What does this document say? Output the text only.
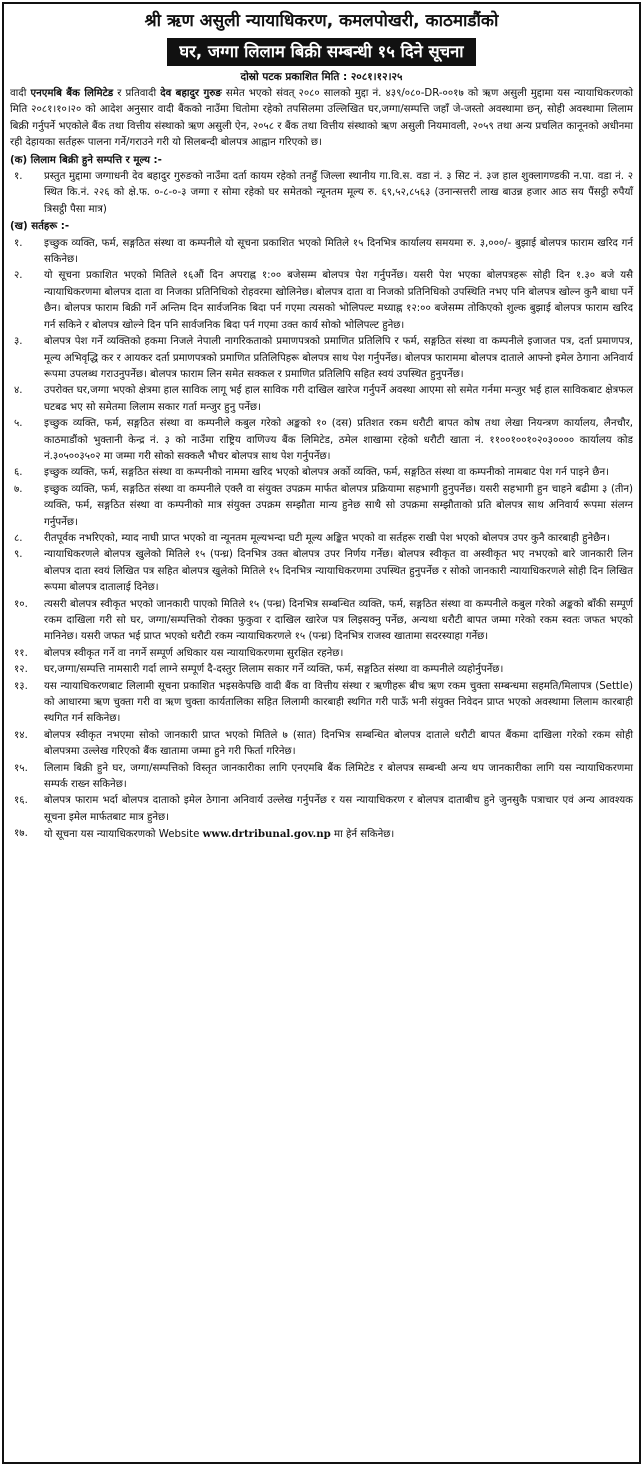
श्री ऋण असुली न्यायाधिकरण, कमलपोखरी, काठमाडौंको
घर, जग्गा लिलाम बिक्री सम्बन्धी १५ दिने सूचना
दोस्रो पटक प्रकाशित मिति : २०८१।१२।२५
वादी एनएमबि बैंक लिमिटेड र प्रतिवादी देव बहादुर गुरुङ समेत भएको संवत् २०८० सालको मुद्दा नं. ४३९/०८०-DR-००१७ को ऋण असुली मुद्दामा यस न्यायाधिकरणको मिति २०८१।१०।२० को आदेश अनुसार वादी बैंकको नाउँमा धितोमा रहेको तपसिलमा उल्लिखित घर,जग्गा/सम्पत्ति जहाँ जे-जस्तो अवस्थामा छन्, सोही अवस्थामा लिलाम बिक्री गर्नुपर्ने भएकोले बैंक तथा वित्तीय संस्थाको ऋण असुली ऐन, २०५८ र बैंक तथा वित्तीय संस्थाको ऋण असुली नियमावली, २०५९ तथा अन्य प्रचलित कानूनको अधीनमा रही देहायका सर्तहरू पालना गर्ने/गराउने गरी यो सिलबन्दी बोलपत्र आह्वान गरिएको छ।
(क) लिलाम बिक्री हुने सम्पत्ति र मूल्य :-
१.	प्रस्तुत मुद्दामा जग्गाधनी देव बहादुर गुरुङको नाउँमा दर्ता कायम रहेको तनहुँ जिल्ला स्थानीय गा.वि.स. वडा नं. ३ सिट नं. ३ज हाल शुक्लागण्डकी न.पा. वडा नं. २ स्थित कि.नं. २२६ को क्षे.फ. ०-८-०-३ जग्गा र सोमा रहेको घर समेतको न्यूनतम मूल्य रु. ६९,५२,८५६३ (उनान्सत्तरी लाख बाउन्न हजार आठ सय पैंसट्ठी रुपैयाँ त्रिसट्ठी पैसा मात्र)
(ख) सर्तहरू :-
१.	इच्छुक व्यक्ति, फर्म, सङ्गठित संस्था वा कम्पनीले यो सूचना प्रकाशित भएको मितिले १५ दिनभित्र कार्यालय समयमा रु. ३,०००/- बुझाई बोलपत्र फाराम खरिद गर्न सकिनेछ।
२.	यो सूचना प्रकाशित भएको मितिले १६औं दिन अपराह्न १:०० बजेसम्म बोलपत्र पेश गर्नुपर्नेछ। यसरी पेश भएका बोलपत्रहरू सोही दिन १.३० बजे यसै न्यायाधिकरणमा बोलपत्र दाता वा निजका प्रतिनिधिको रोहवरमा खोलिनेछ। बोलपत्र दाता वा निजको प्रतिनिधिको उपस्थिति नभए पनि बोलपत्र खोल्न कुनै बाधा पर्ने छैन। बोलपत्र फाराम बिक्री गर्ने अन्तिम दिन सार्वजनिक बिदा पर्न गएमा त्यसको भोलिपल्ट मध्याह्न १२:०० बजेसम्म तोकिएको शुल्क बुझाई बोलपत्र फाराम खरिद गर्न सकिने र बोलपत्र खोल्ने दिन पनि सार्वजनिक बिदा पर्न गएमा उक्त कार्य सोको भोलिपल्ट हुनेछ।
३.	बोलपत्र पेश गर्ने व्यक्तिको हकमा निजले नेपाली नागरिकताको प्रमाणपत्रको प्रमाणित प्रतिलिपि र फर्म, सङ्गठित संस्था वा कम्पनीले इजाजत पत्र, दर्ता प्रमाणपत्र, मूल्य अभिवृद्धि कर र आयकर दर्ता प्रमाणपत्रको प्रमाणित प्रतिलिपिहरू बोलपत्र साथ पेश गर्नुपर्नेछ। बोलपत्र फाराममा बोलपत्र दाताले आफ्नो इमेल ठेगाना अनिवार्य रूपमा उपलब्ध गराउनुपर्नेछ। बोलपत्र फाराम लिन समेत सक्कल र प्रमाणित प्रतिलिपि सहित स्वयं उपस्थित हुनुपर्नेछ।
४.	उपरोक्त घर,जग्गा भएको क्षेत्रमा हाल साविक लागू भई हाल साविक गरी दाखिल खारेज गर्नुपर्ने अवस्था आएमा सो समेत गर्नमा मन्जुर भई हाल साविकबाट क्षेत्रफल घटबढ भए सो समेतमा लिलाम सकार गर्ता मन्जुर हुनु पर्नेछ।
५.	इच्छुक व्यक्ति, फर्म, सङ्गठित संस्था वा कम्पनीले कबुल गरेको अङ्कको १० (दस) प्रतिशत रकम धरौटी बापत कोष तथा लेखा नियन्त्रण कार्यालय, लैनचौर, काठमाडौंको भुक्तानी केन्द्र नं. ३ को नाउँमा राष्ट्रिय वाणिज्य बैंक लिमिटेड, ठमेल शाखामा रहेको धरौटी खाता नं. ११००१००१०२०३०००० कार्यालय कोड नं.३०५००३५०२ मा जम्मा गरी सोको सक्कलै भौचर बोलपत्र साथ पेश गर्नुपर्नेछ।
६.	इच्छुक व्यक्ति, फर्म, सङ्गठित संस्था वा कम्पनीको नाममा खरिद भएको बोलपत्र अर्को व्यक्ति, फर्म, सङ्गठित संस्था वा कम्पनीको नामबाट पेश गर्न पाइने छैन।
७.	इच्छुक व्यक्ति, फर्म, सङ्गठित संस्था वा कम्पनीले एक्लै वा संयुक्त उपक्रम मार्फत बोलपत्र प्रक्रियामा सहभागी हुनुपर्नेछ। यसरी सहभागी हुन चाहने बढीमा ३ (तीन) व्यक्ति, फर्म, सङ्गठित संस्था वा कम्पनीको मात्र संयुक्त उपक्रम सम्झौता मान्य हुनेछ साथै सो उपक्रमा सम्झौताको प्रति बोलपत्र साथ अनिवार्य रूपमा संलग्न गर्नुपर्नेछ।
८.	रीतपूर्वक नभरिएको, म्याद नाघी प्राप्त भएको वा न्यूनतम मूल्यभन्दा घटी मूल्य अङ्कित भएको वा सर्तहरू राखी पेश भएको बोलपत्र उपर कुनै कारबाही हुनेछैन।
९.	न्यायाधिकरणले बोलपत्र खुलेको मितिले १५ (पन्ध्र) दिनभित्र उक्त बोलपत्र उपर निर्णय गर्नेछ। बोलपत्र स्वीकृत वा अस्वीकृत भए नभएको बारे जानकारी लिन बोलपत्र दाता स्वयं लिखित पत्र सहित बोलपत्र खुलेको मितिले १५ दिनभित्र न्यायाधिकरणमा उपस्थित हुनुपर्नेछ र सोको जानकारी न्यायाधिकरणले सोही दिन लिखित रूपमा बोलपत्र दातालाई दिनेछ।
१०.	त्यसरी बोलपत्र स्वीकृत भएको जानकारी पाएको मितिले १५ (पन्ध्र) दिनभित्र सम्बन्धित व्यक्ति, फर्म, सङ्गठित संस्था वा कम्पनीले कबुल गरेको अङ्कको बाँकी सम्पूर्ण रकम दाखिला गरी सो घर, जग्गा/सम्पत्तिको रोक्का फुकुवा र दाखिल खारेज पत्र लिइसक्नु पर्नेछ, अन्यथा धरौटी बापत जम्मा गरेको रकम स्वतः जफत भएको मानिनेछ। यसरी जफत भई प्राप्त भएको धरौटी रकम न्यायाधिकरणले १५ (पन्ध्र) दिनभित्र राजस्व खातामा सदरस्याहा गर्नेछ।
११.	बोलपत्र स्वीकृत गर्ने वा नगर्ने सम्पूर्ण अधिकार यस न्यायाधिकरणमा सुरक्षित रहनेछ।
१२.	घर,जग्गा/सम्पत्ति नामसारी गर्दा लाग्ने सम्पूर्ण दै-दस्तुर लिलाम सकार गर्ने व्यक्ति, फर्म, सङ्गठित संस्था वा कम्पनीले व्यहोर्नुपर्नेछ।
१३.	यस न्यायाधिकरणबाट लिलामी सूचना प्रकाशित भइसकेपछि वादी बैंक वा वित्तीय संस्था र ऋणीहरू बीच ऋण रकम चुक्ता सम्बन्धमा सहमति/मिलापत्र (Settle) को आधारमा ऋण चुक्ता गरी वा ऋण चुक्ता कार्यतालिका सहित लिलामी कारबाही स्थगित गरी पाऊँ भनी संयुक्त निवेदन प्राप्त भएको अवस्थामा लिलाम कारबाही स्थगित गर्न सकिनेछ।
१४.	बोलपत्र स्वीकृत नभएमा सोको जानकारी प्राप्त भएको मितिले ७ (सात) दिनभित्र सम्बन्धित बोलपत्र दाताले धरौटी बापत बैंकमा दाखिला गरेको रकम सोही बोलपत्रमा उल्लेख गरिएको बैंक खातामा जम्मा हुने गरी फिर्ता गरिनेछ।
१५.	लिलाम बिक्री हुने घर, जग्गा/सम्पत्तिको विस्तृत जानकारीका लागि एनएमबि बैंक लिमिटेड र बोलपत्र सम्बन्धी अन्य थप जानकारीका लागि यस न्यायाधिकरणमा सम्पर्क राख्न सकिनेछ।
१६.	बोलपत्र फाराम भर्दा बोलपत्र दाताको इमेल ठेगाना अनिवार्य उल्लेख गर्नुपर्नेछ र यस न्यायाधिकरण र बोलपत्र दाताबीच हुने जुनसुकै पत्राचार एवं अन्य आवश्यक सूचना इमेल मार्फतबाट मात्र हुनेछ।
१७.	यो सूचना यस न्यायाधिकरणको Website www.drtribunal.gov.np मा हेर्न सकिनेछ।
